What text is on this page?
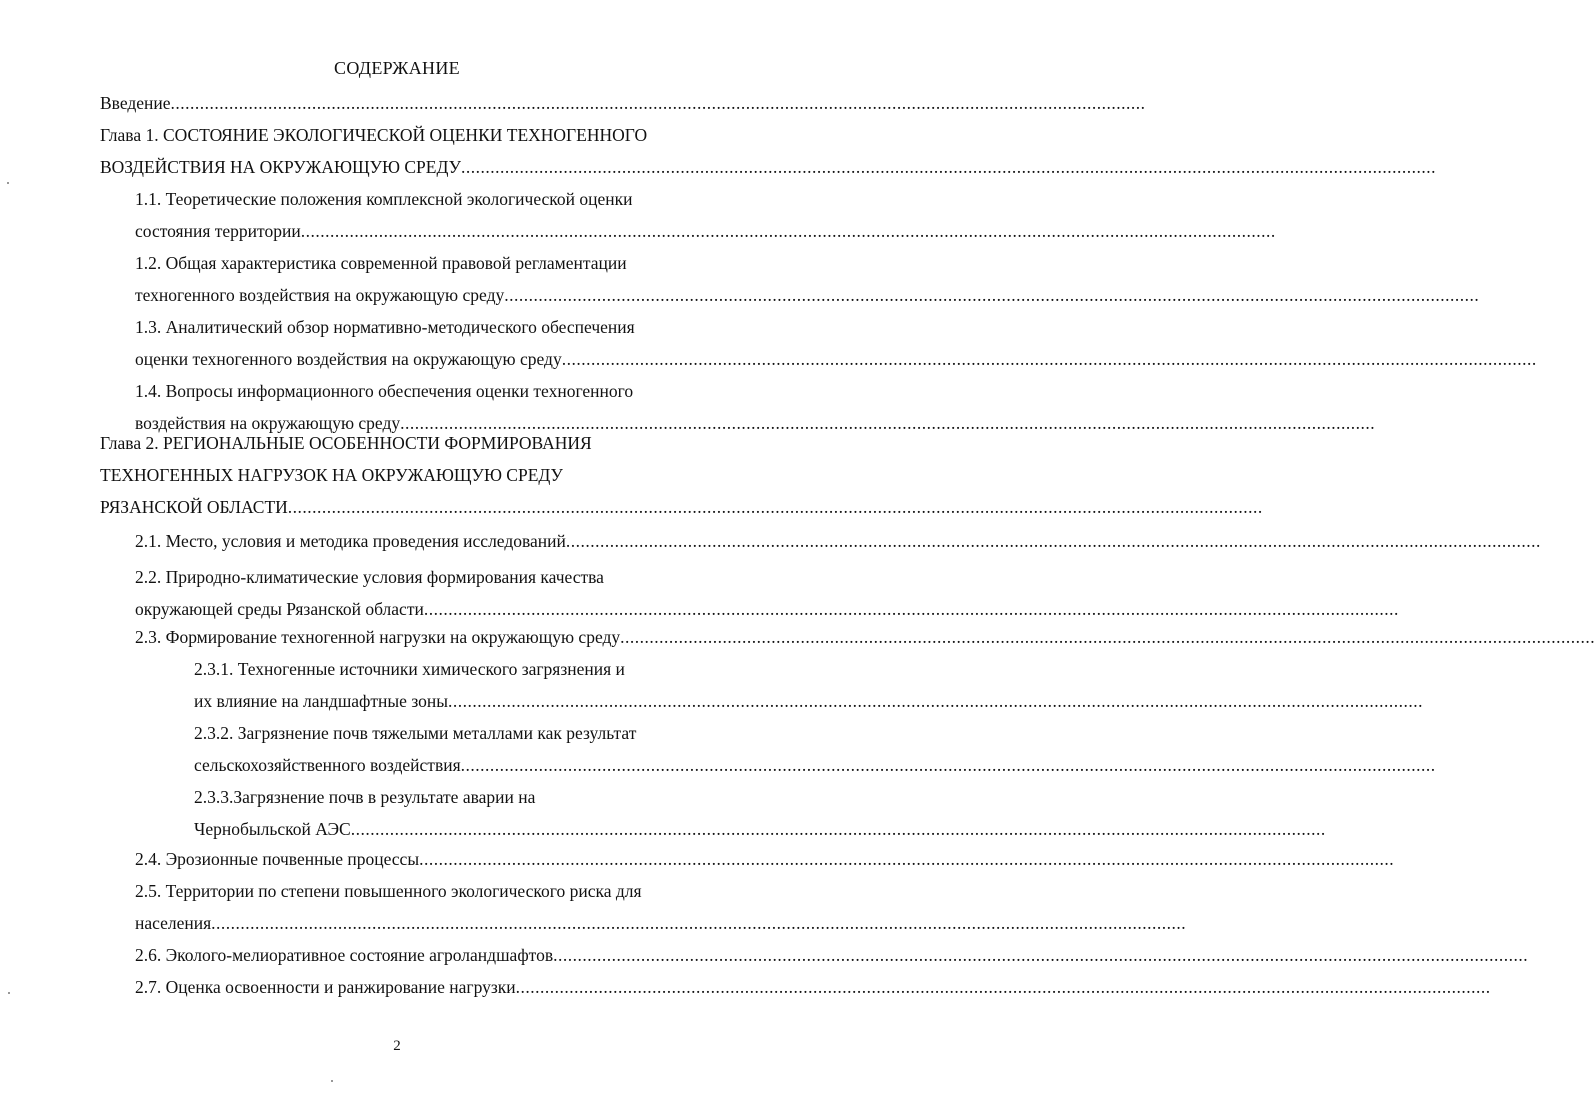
СОДЕРЖАНИЕ
Введение........................................................................................................................................................................................................
Глава 1. СОСТОЯНИЕ ЭКОЛОГИЧЕСКОЙ ОЦЕНКИ ТЕХНОГЕННОГО
ВОЗДЕЙСТВИЯ НА ОКРУЖАЮЩУЮ СРЕДУ........................................................................................................................................................................................................
1.1. Теоретические положения комплексной экологической оценки
состояния территории........................................................................................................................................................................................................
1.2. Общая характеристика современной правовой регламентации
техногенного воздействия на окружающую среду........................................................................................................................................................................................................
1.3. Аналитический обзор нормативно-методического обеспечения
оценки техногенного воздействия на окружающую среду........................................................................................................................................................................................................
1.4. Вопросы информационного обеспечения оценки техногенного
воздействия на окружающую среду........................................................................................................................................................................................................
Глава 2. РЕГИОНАЛЬНЫЕ ОСОБЕННОСТИ ФОРМИРОВАНИЯ
ТЕХНОГЕННЫХ НАГРУЗОК НА ОКРУЖАЮЩУЮ СРЕДУ
РЯЗАНСКОЙ ОБЛАСТИ........................................................................................................................................................................................................
2.1. Место, условия и методика проведения исследований........................................................................................................................................................................................................
2.2. Природно-климатические условия формирования качества
окружающей среды Рязанской области........................................................................................................................................................................................................
2.3. Формирование техногенной нагрузки на окружающую среду........................................................................................................................................................................................................
2.3.1. Техногенные источники химического загрязнения и
их влияние на ландшафтные зоны........................................................................................................................................................................................................
2.3.2. Загрязнение почв тяжелыми металлами как результат
сельскохозяйственного воздействия........................................................................................................................................................................................................
2.3.3.Загрязнение почв в результате аварии на
Чернобыльской АЭС........................................................................................................................................................................................................
2.4. Эрозионные почвенные процессы........................................................................................................................................................................................................
2.5. Территории по степени повышенного экологического риска для
населения........................................................................................................................................................................................................
2.6. Эколого-мелиоративное состояние агроландшафтов........................................................................................................................................................................................................
2.7. Оценка освоенности и ранжирование нагрузки........................................................................................................................................................................................................
2
